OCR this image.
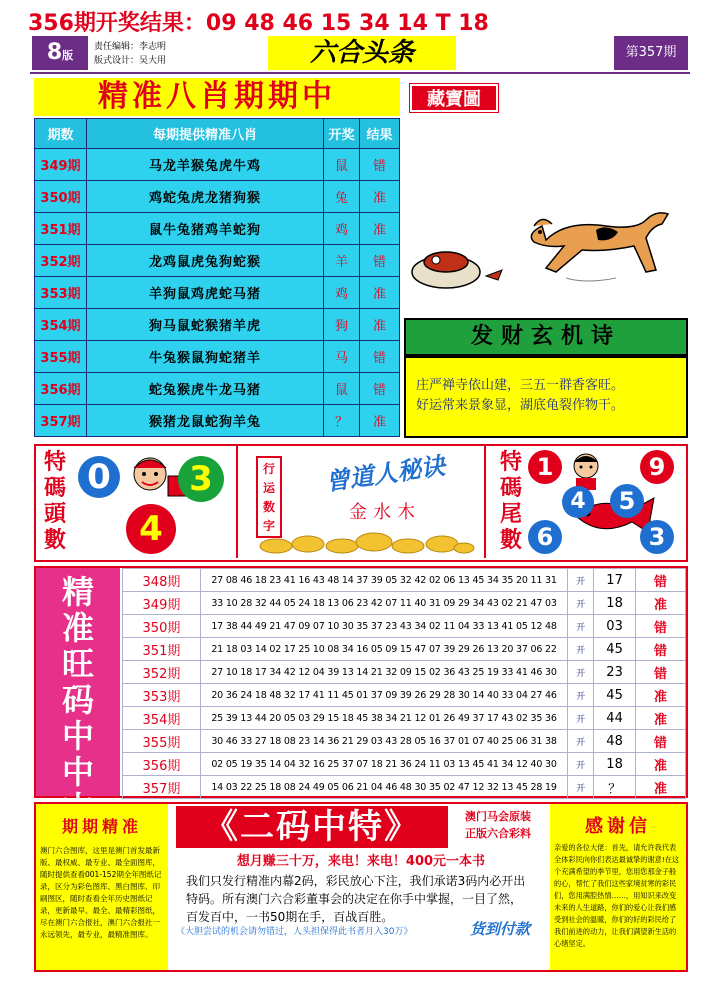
356期开奖结果：09 48 46 15 34 14 T 18
8版
责任编辑：李志明
版式设计：吴大用	六合头条	第357期
精准八肖期期中	藏寶圖
期数	每期提供精准八肖	开奖	结果
349期	马龙羊猴兔虎牛鸡	鼠	错
350期	鸡蛇兔虎龙猪狗猴	兔	准
351期	鼠牛兔猪鸡羊蛇狗	鸡	准
352期	龙鸡鼠虎兔狗蛇猴	羊	错
353期	羊狗鼠鸡虎蛇马猪	鸡	准
354期	狗马鼠蛇猴猪羊虎	狗	准
355期	牛兔猴鼠狗蛇猪羊	马	错
356期	蛇兔猴虎牛龙马猪	鼠	错
357期	猴猪龙鼠蛇狗羊兔	？	准
发财玄机诗
庄严禅寺依山建，三五一群香客旺。
好运常来景象显，湖底龟裂作物干。
特
碼
頭
數
0	3
4
行
运
数
字
曾道人秘诀
金水木
特
碼
尾
數
1	9
4	5
6	3
精
准
旺
码
中
中
348期	27 08 46 18 23 41 16 43 48 14 37 39 05 32 42 02 06 13 45 34 35 20 11 31	开	17	错
349期	33 10 28 32 44 05 24 18 13 06 23 42 07 11 40 31 09 29 34 43 02 21 47 03	开	18	准
350期	17 38 44 49 21 47 09 07 10 30 35 37 23 43 34 02 11 04 33 13 41 05 12 48	开	03	错
351期	21 18 03 14 02 17 25 10 08 34 16 05 09 15 47 07 39 29 26 13 20 37 06 22	开	45	错
352期	27 10 18 17 34 42 12 04 39 13 14 21 32 09 15 02 36 43 25 19 33 41 46 30	开	23	错
353期	20 36 24 18 48 32 17 41 11 45 01 37 09 39 26 29 28 30 14 40 33 04 27 46	开	45	准
354期	25 39 13 44 20 05 03 29 15 18 45 38 34 21 12 01 26 49 37 17 43 02 35 36	开	44	准
355期	30 46 33 27 18 08 23 14 36 21 29 03 43 28 05 16 37 01 07 40 25 06 31 38	开	48	错
356期	02 05 19 35 14 04 32 16 25 37 07 18 21 36 24 11 03 13 45 41 34 12 40 30	开	18	准
357期	14 03 22 25 18 08 24 49 05 06 21 04 46 48 30 35 02 47 12 32 13 45 28 19	开	？	准
期期精准
澳门六合图库，这里是澳门首发最新版、最权威、最专业、最全面图库，随时提供查看001-152期全年图纸记录，区分为彩色图库、黑白图库、印刷图区，随时查看全年历史图纸记录，更新最早、最全、最精彩图纸，尽在澳门六合报社，澳门六合报社一永远领先，最专业，最精准图库。
《二码中特》	澳门马会原装
正版六合彩料
想月赚三十万，来电！来电！400元一本书
我们只发行精准内幕2码，彩民放心下注，我们承诺3码内必开出特码。所有澳门六合彩董事会的决定在你手中掌握，一目了然，百发百中，一书50期在手，百战百胜。
《大胆尝试的机会请勿错过，人头担保得此书者月入30万》	货到付款
感谢信
亲爱的各位大佬：首先，请允许我代表全体彩民向你们表达最诚挚的谢意!在这个充满希望的季节里，您用您那金子般的心，帮忙了我们这些家境贫寒的彩民们，您用满腔热情……，用知识来改变未来的人生道路，你们的爱心让我们感受到社会的温暖，你们的好的彩民给了我们前进的动力，让我们满望新生活的心绪坚定。
